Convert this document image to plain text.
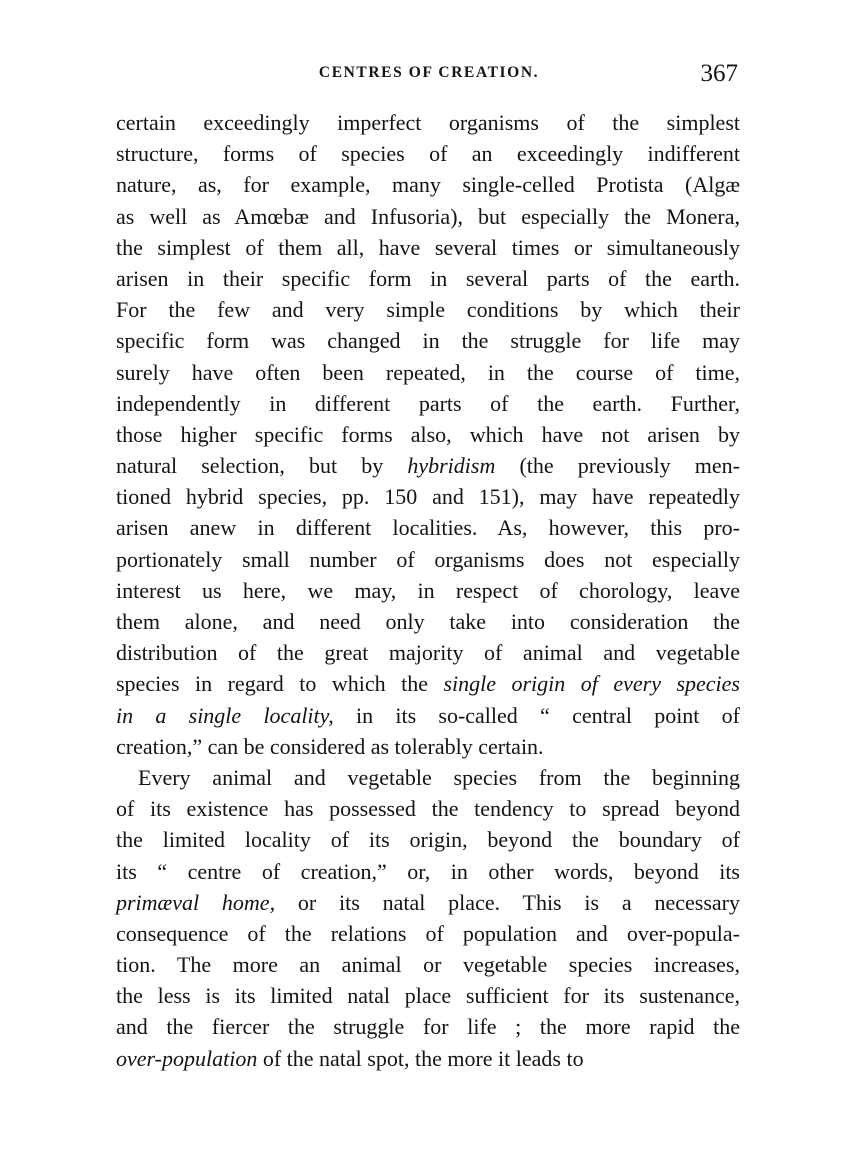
CENTRES OF CREATION.	367
certain exceedingly imperfect organisms of the simplest
structure, forms of species of an exceedingly indifferent
nature, as, for example, many single-celled Protista (Algæ
as well as Amœbæ and Infusoria), but especially the Monera,
the simplest of them all, have several times or simultaneously
arisen in their specific form in several parts of the earth.
For the few and very simple conditions by which their
specific form was changed in the struggle for life may
surely have often been repeated, in the course of time,
independently in different parts of the earth. Further,
those higher specific forms also, which have not arisen by
natural selection, but by hybridism (the previously men-
tioned hybrid species, pp. 150 and 151), may have repeatedly
arisen anew in different localities. As, however, this pro-
portionately small number of organisms does not especially
interest us here, we may, in respect of chorology, leave
them alone, and need only take into consideration the
distribution of the great majority of animal and vegetable
species in regard to which the single origin of every species
in a single locality, in its so-called “ central point of
creation,” can be considered as tolerably certain.
Every animal and vegetable species from the beginning
of its existence has possessed the tendency to spread beyond
the limited locality of its origin, beyond the boundary of
its “ centre of creation,” or, in other words, beyond its
primæval home, or its natal place. This is a necessary
consequence of the relations of population and over-popula-
tion. The more an animal or vegetable species increases,
the less is its limited natal place sufficient for its sustenance,
and the fiercer the struggle for life ; the more rapid the
over-population of the natal spot, the more it leads to
